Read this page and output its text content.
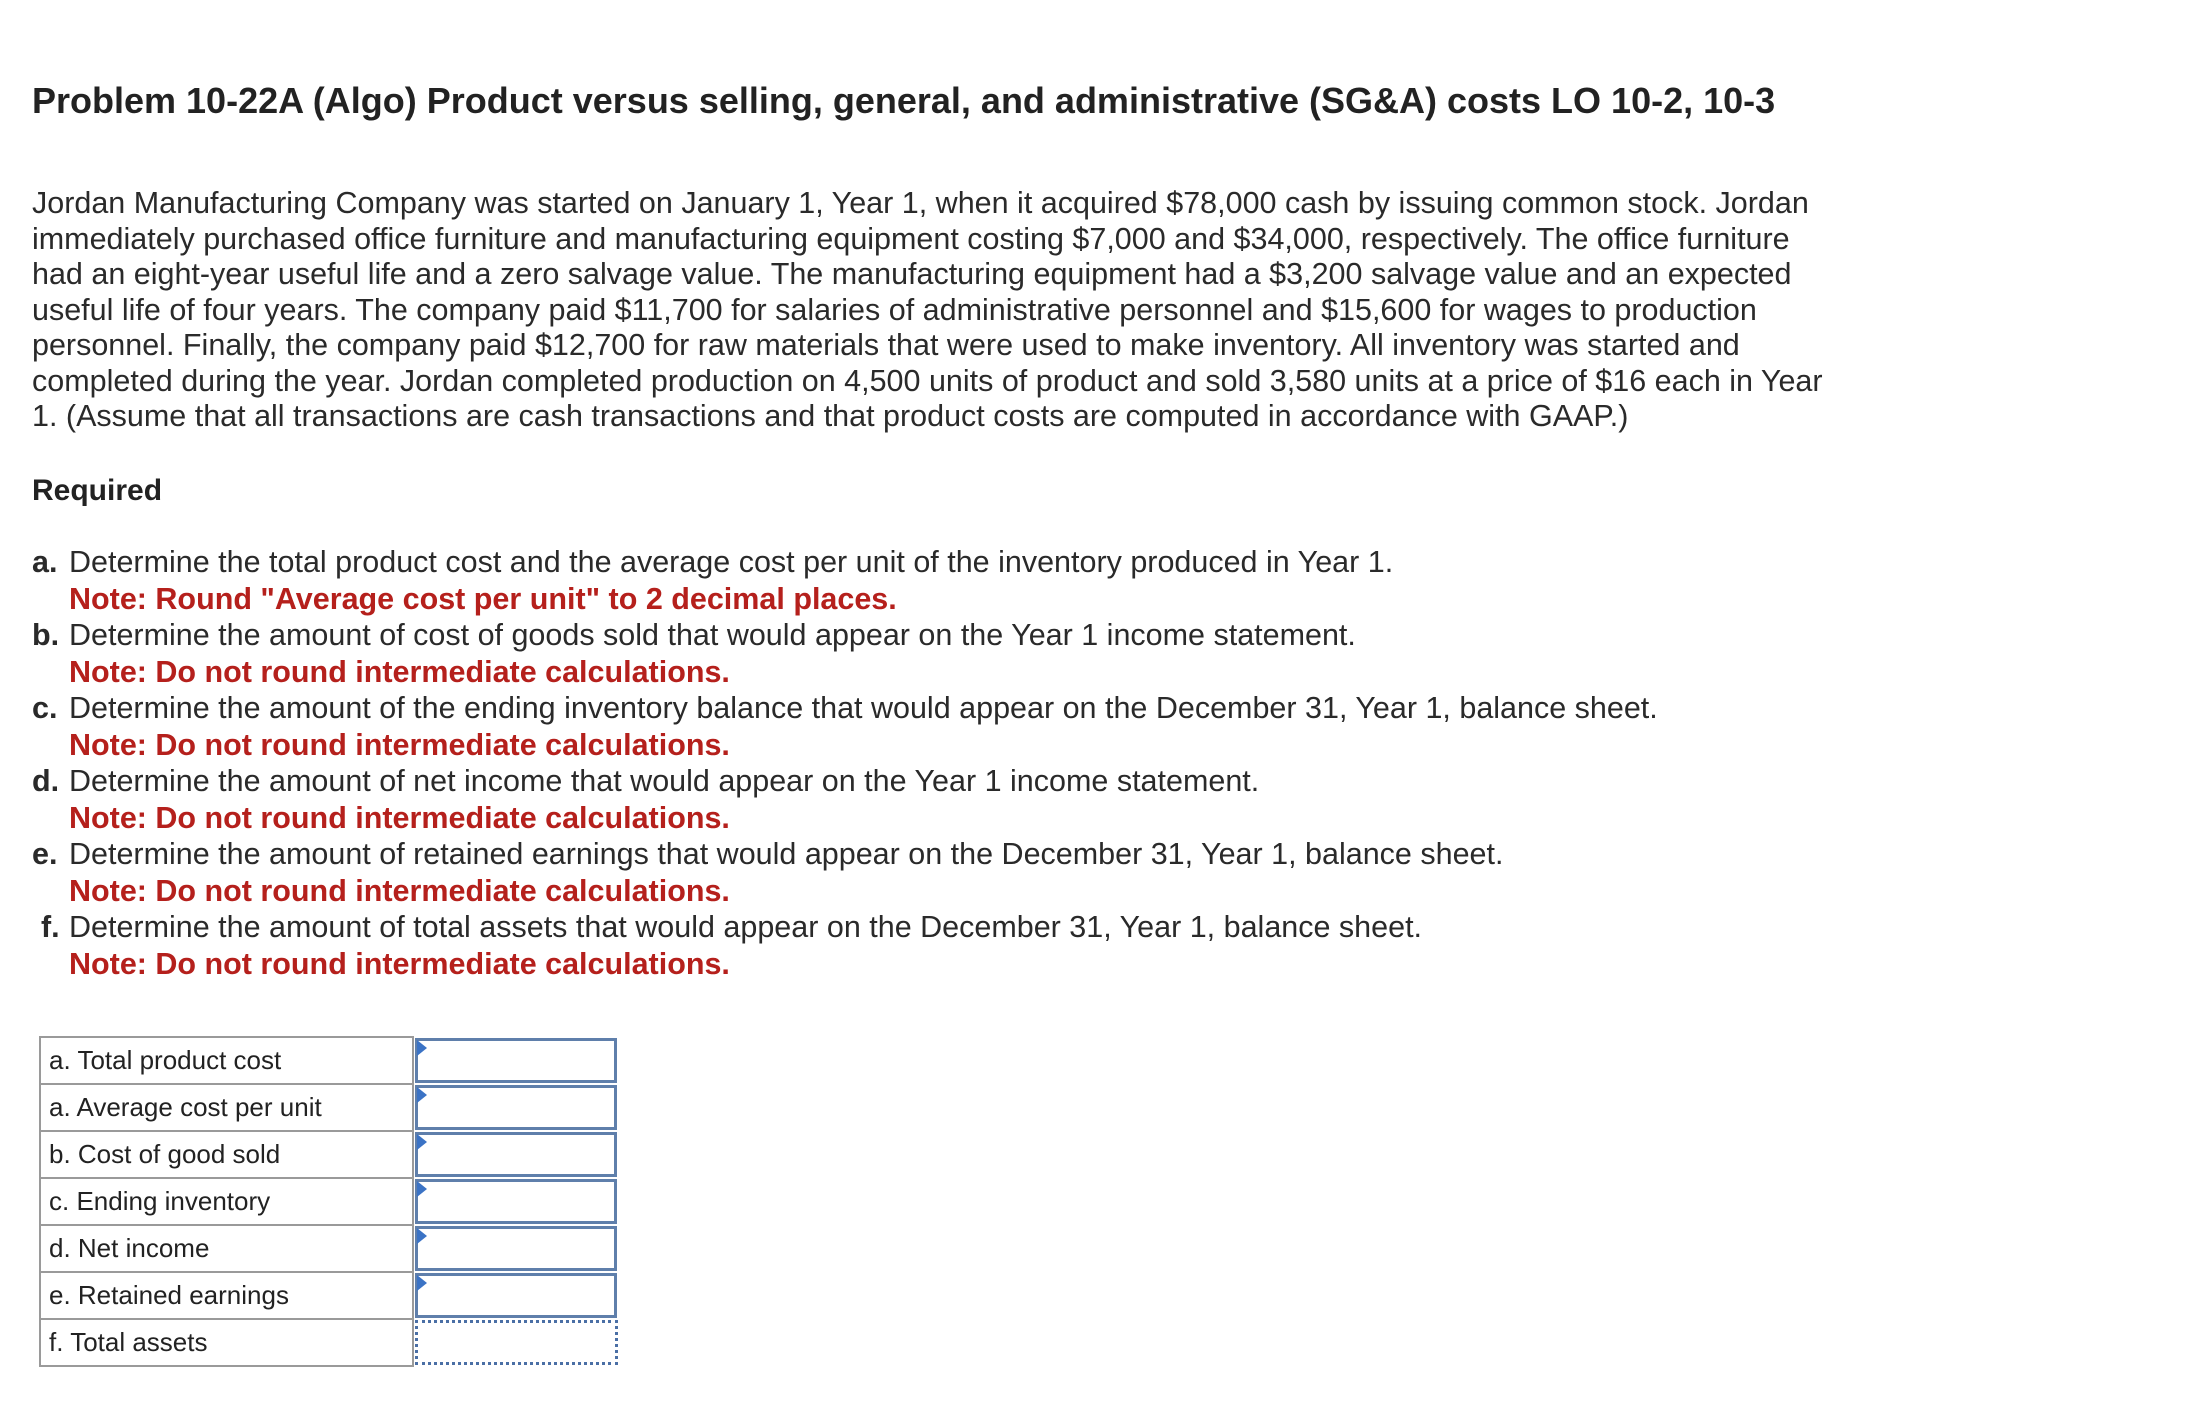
Problem 10-22A (Algo) Product versus selling, general, and administrative (SG&A) costs LO 10-2, 10-3
Jordan Manufacturing Company was started on January 1, Year 1, when it acquired $78,000 cash by issuing common stock. Jordan
immediately purchased office furniture and manufacturing equipment costing $7,000 and $34,000, respectively. The office furniture
had an eight-year useful life and a zero salvage value. The manufacturing equipment had a $3,200 salvage value and an expected
useful life of four years. The company paid $11,700 for salaries of administrative personnel and $15,600 for wages to production
personnel. Finally, the company paid $12,700 for raw materials that were used to make inventory. All inventory was started and
completed during the year. Jordan completed production on 4,500 units of product and sold 3,580 units at a price of $16 each in Year
1. (Assume that all transactions are cash transactions and that product costs are computed in accordance with GAAP.)
Required
a. Determine the total product cost and the average cost per unit of the inventory produced in Year 1.
Note: Round "Average cost per unit" to 2 decimal places.
b. Determine the amount of cost of goods sold that would appear on the Year 1 income statement.
Note: Do not round intermediate calculations.
c. Determine the amount of the ending inventory balance that would appear on the December 31, Year 1, balance sheet.
Note: Do not round intermediate calculations.
d. Determine the amount of net income that would appear on the Year 1 income statement.
Note: Do not round intermediate calculations.
e. Determine the amount of retained earnings that would appear on the December 31, Year 1, balance sheet.
Note: Do not round intermediate calculations.
f. Determine the amount of total assets that would appear on the December 31, Year 1, balance sheet.
Note: Do not round intermediate calculations.
a. Total product cost	

a. Average cost per unit	

b. Cost of good sold	

c. Ending inventory	

d. Net income	

e. Retained earnings	

f. Total assets	
